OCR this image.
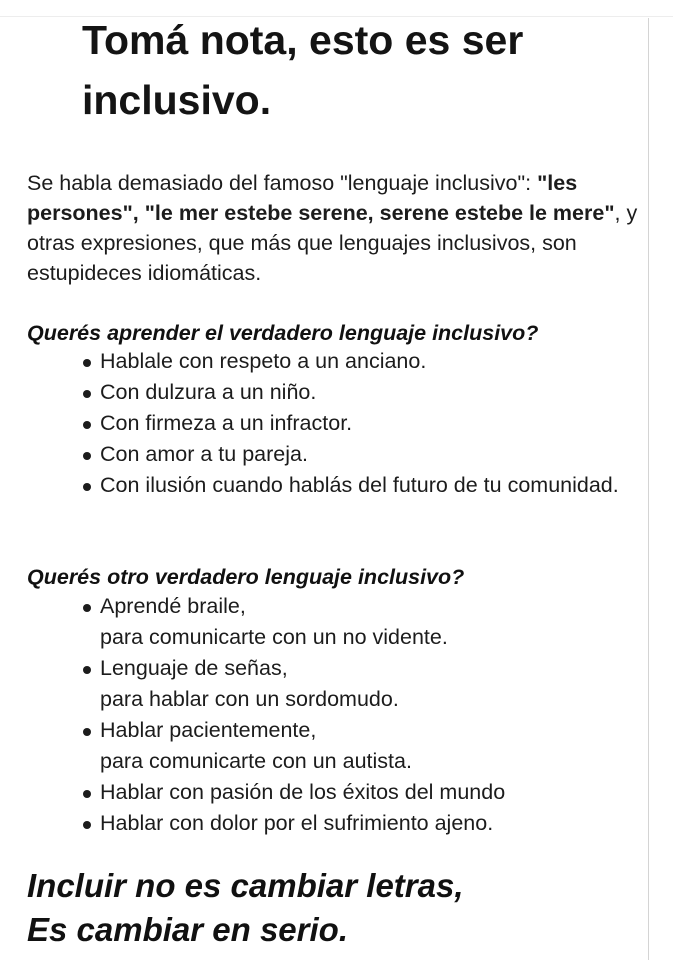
Tomá nota, esto es ser inclusivo.

Se habla demasiado del famoso "lenguaje inclusivo": "les persones", "le mer estebe serene, serene estebe le mere", y otras expresiones, que más que lenguajes inclusivos, son estupideces idiomáticas.

Querés aprender el verdadero lenguaje inclusivo?

Hablale con respeto a un anciano.
Con dulzura a un niño.
Con firmeza a un infractor.
Con amor a tu pareja.
Con ilusión cuando hablás del futuro de tu comunidad.

Querés otro verdadero lenguaje inclusivo?

Aprendé braile,
para comunicarte con un no vidente.
Lenguaje de señas,
para hablar con un sordomudo.
Hablar pacientemente,
para comunicarte con un autista.
Hablar con pasión de los éxitos del mundo
Hablar con dolor por el sufrimiento ajeno.

Incluir no es cambiar letras,
Es cambiar en serio.
